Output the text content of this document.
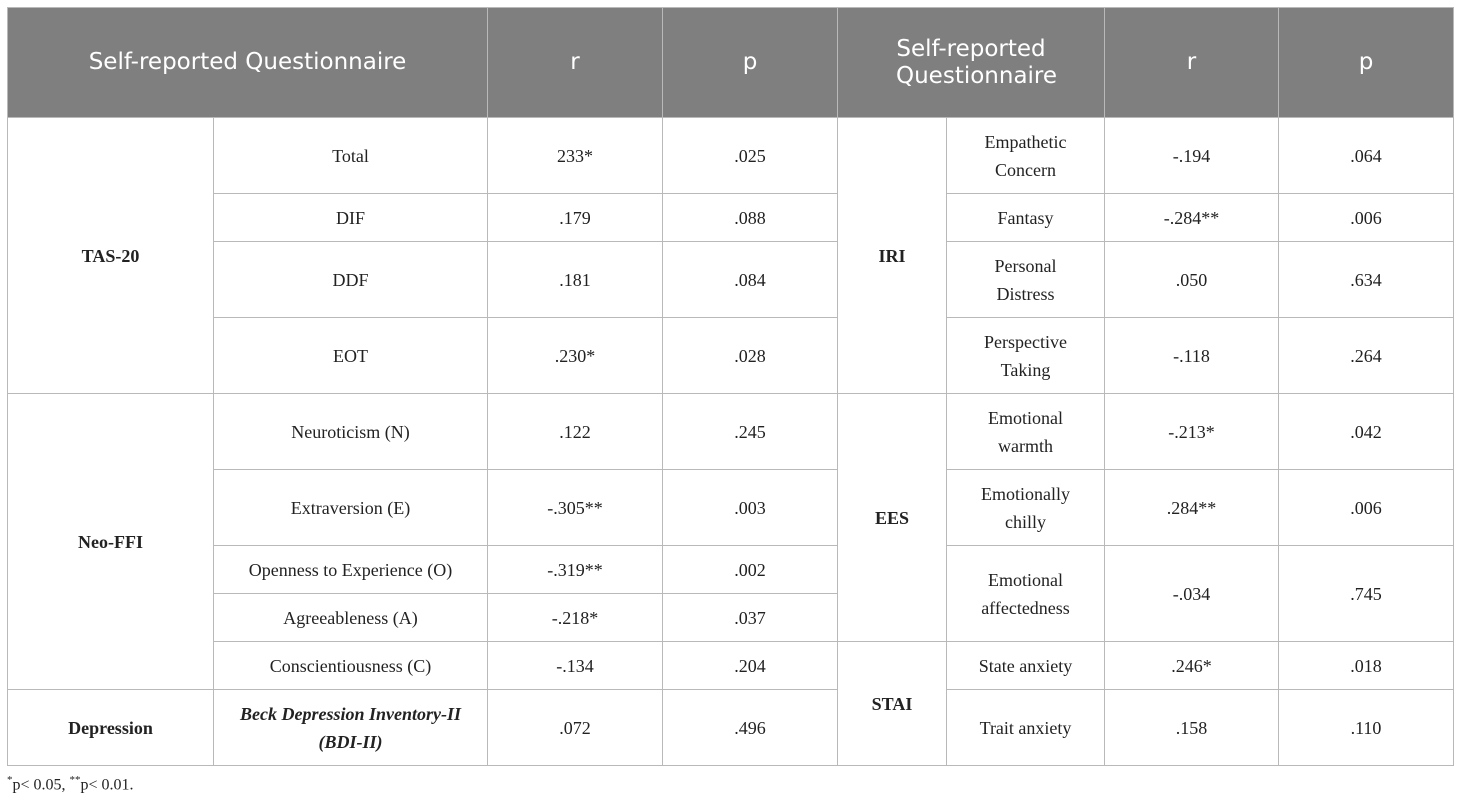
Self-reported Questionnaire		r	p	Self-reported Questionnaire		r	p
TAS-20	Total	233*	.025	IRI	Empathetic Concern	-.194	.064
	DIF	.179	.088		Fantasy	-.284**	.006
	DDF	.181	.084		Personal Distress	.050	.634
	EOT	.230*	.028		Perspective Taking	-.118	.264
Neo-FFI	Neuroticism (N)	.122	.245	EES	Emotional warmth	-.213*	.042
	Extraversion (E)	-.305**	.003		Emotionally chilly	.284**	.006
	Openness to Experience (O)	-.319**	.002		Emotional affectedness	-.034	.745
	Agreeableness (A)	-.218*	.037				
	Conscientiousness (C)	-.134	.204	STAI	State anxiety	.246*	.018
Depression	Beck Depression Inventory-II (BDI-II)	.072	.496		Trait anxiety	.158	.110
*p< 0.05, **p< 0.01.
